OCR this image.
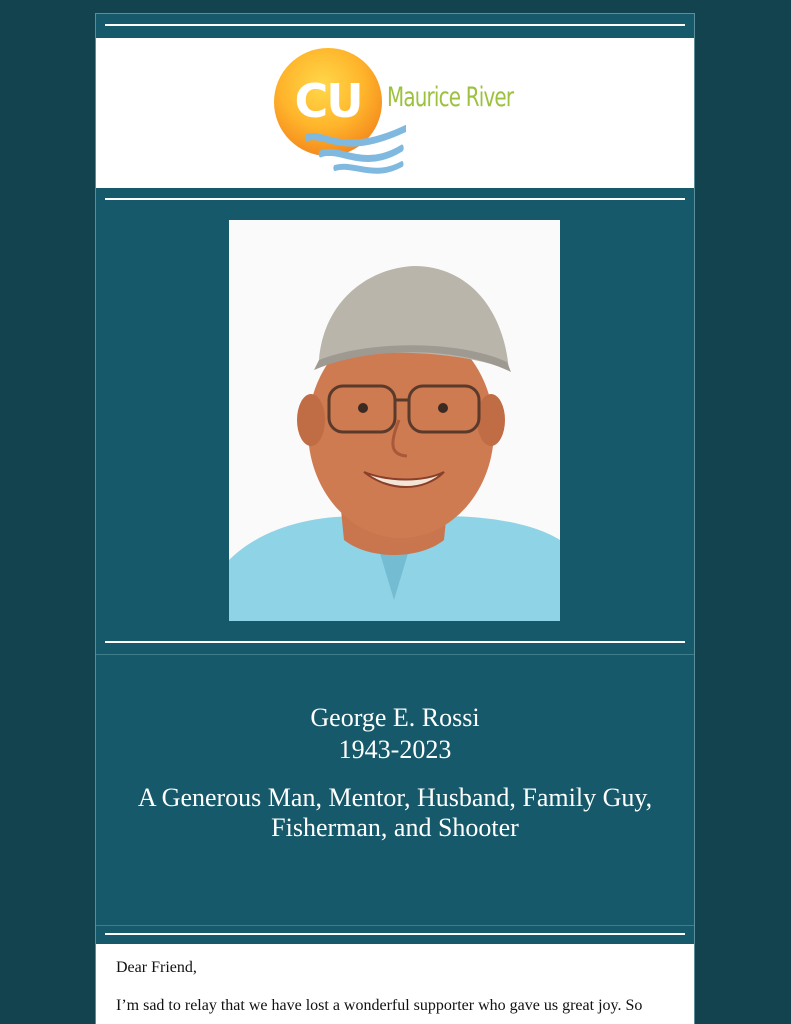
CU Maurice River
George E. Rossi
1943-2023
A Generous Man, Mentor, Husband, Family Guy, Fisherman, and Shooter

Dear Friend,

I’m sad to relay that we have lost a wonderful supporter who gave us great joy. So
